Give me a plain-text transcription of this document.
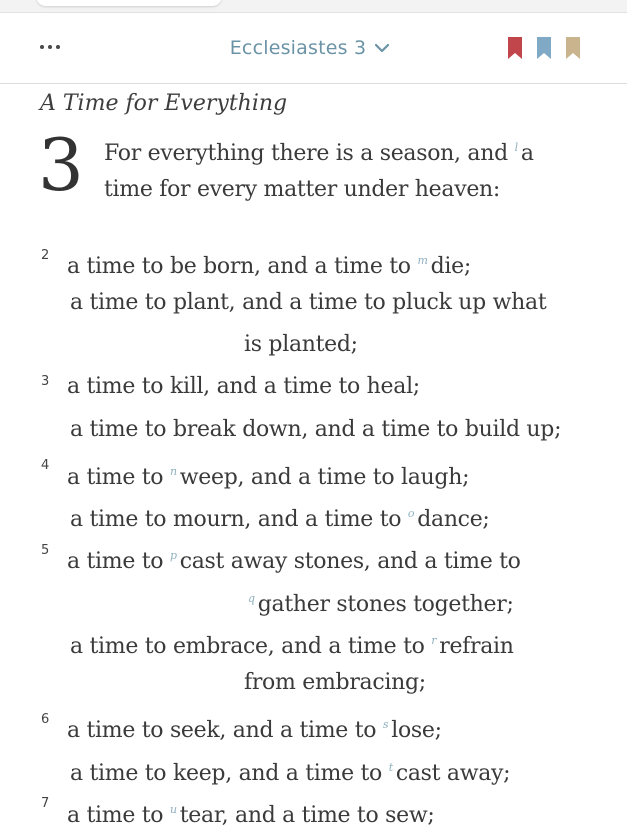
Ecclesiastes 3
A Time for Everything
3 For everything there is a season, and $^l$ a
time for every matter under heaven:
2 a time to be born, and a time to $^m$ die;
a time to plant, and a time to pluck up what
is planted;
3 a time to kill, and a time to heal;
a time to break down, and a time to build up;
4 a time to $^n$ weep, and a time to laugh;
a time to mourn, and a time to $^o$ dance;
5 a time to $^p$ cast away stones, and a time to
$^q$ gather stones together;
a time to embrace, and a time to $^r$ refrain
from embracing;
6 a time to seek, and a time to $^s$ lose;
a time to keep, and a time to $^t$ cast away;
7 a time to $^u$ tear, and a time to sew;
